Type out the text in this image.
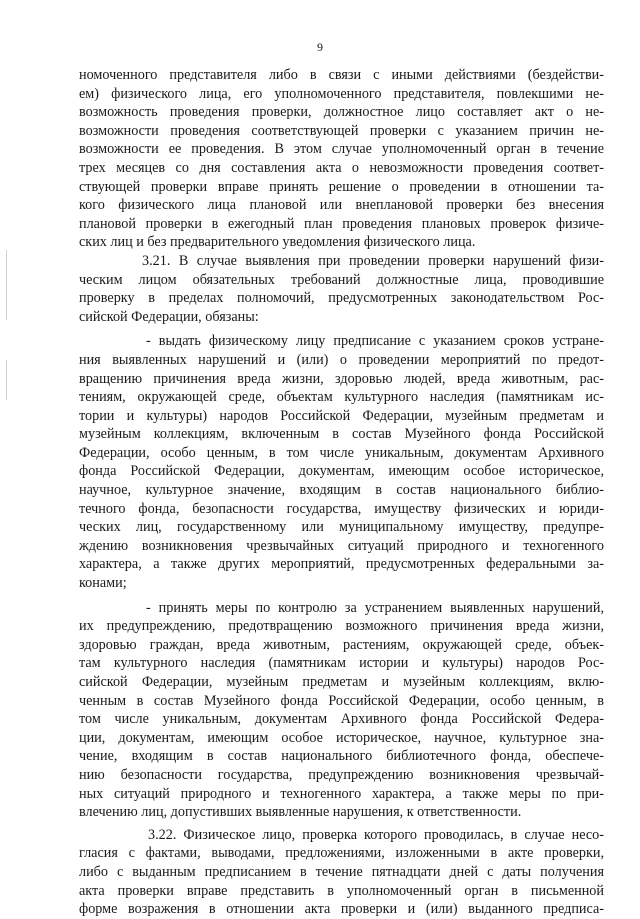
9
номоченного представителя либо в связи с иными действиями (бездействи-
ем) физического лица, его уполномоченного представителя, повлекшими не-
возможность проведения проверки, должностное лицо составляет акт о не-
возможности проведения соответствующей проверки с указанием причин не-
возможности ее проведения. В этом случае уполномоченный орган в течение
трех месяцев со дня составления акта о невозможности проведения соответ-
ствующей проверки вправе принять решение о проведении в отношении та-
кого физического лица плановой или внеплановой проверки без внесения
плановой проверки в ежегодный план проведения плановых проверок физиче-
ских лиц и без предварительного уведомления физического лица.
3.21. В случае выявления при проведении проверки нарушений физи-
ческим лицом обязательных требований должностные лица, проводившие
проверку в пределах полномочий, предусмотренных законодательством Рос-
сийской Федерации, обязаны:
- выдать физическому лицу предписание с указанием сроков устране-
ния выявленных нарушений и (или) о проведении мероприятий по предот-
вращению причинения вреда жизни, здоровью людей, вреда животным, рас-
тениям, окружающей среде, объектам культурного наследия (памятникам ис-
тории и культуры) народов Российской Федерации, музейным предметам и
музейным коллекциям, включенным в состав Музейного фонда Российской
Федерации, особо ценным, в том числе уникальным, документам Архивного
фонда Российской Федерации, документам, имеющим особое историческое,
научное, культурное значение, входящим в состав национального библио-
течного фонда, безопасности государства, имуществу физических и юриди-
ческих лиц, государственному или муниципальному имуществу, предупре-
ждению возникновения чрезвычайных ситуаций природного и техногенного
характера, а также других мероприятий, предусмотренных федеральными за-
конами;
- принять меры по контролю за устранением выявленных нарушений,
их предупреждению, предотвращению возможного причинения вреда жизни,
здоровью граждан, вреда животным, растениям, окружающей среде, объек-
там культурного наследия (памятникам истории и культуры) народов Рос-
сийской Федерации, музейным предметам и музейным коллекциям, вклю-
ченным в состав Музейного фонда Российской Федерации, особо ценным, в
том числе уникальным, документам Архивного фонда Российской Федера-
ции, документам, имеющим особое историческое, научное, культурное зна-
чение, входящим в состав национального библиотечного фонда, обеспече-
нию безопасности государства, предупреждению возникновения чрезвычай-
ных ситуаций природного и техногенного характера, а также меры по при-
влечению лиц, допустивших выявленные нарушения, к ответственности.
3.22. Физическое лицо, проверка которого проводилась, в случае несо-
гласия с фактами, выводами, предложениями, изложенными в акте проверки,
либо с выданным предписанием в течение пятнадцати дней с даты получения
акта проверки вправе представить в уполномоченный орган в письменной
форме возражения в отношении акта проверки и (или) выданного предписа-
